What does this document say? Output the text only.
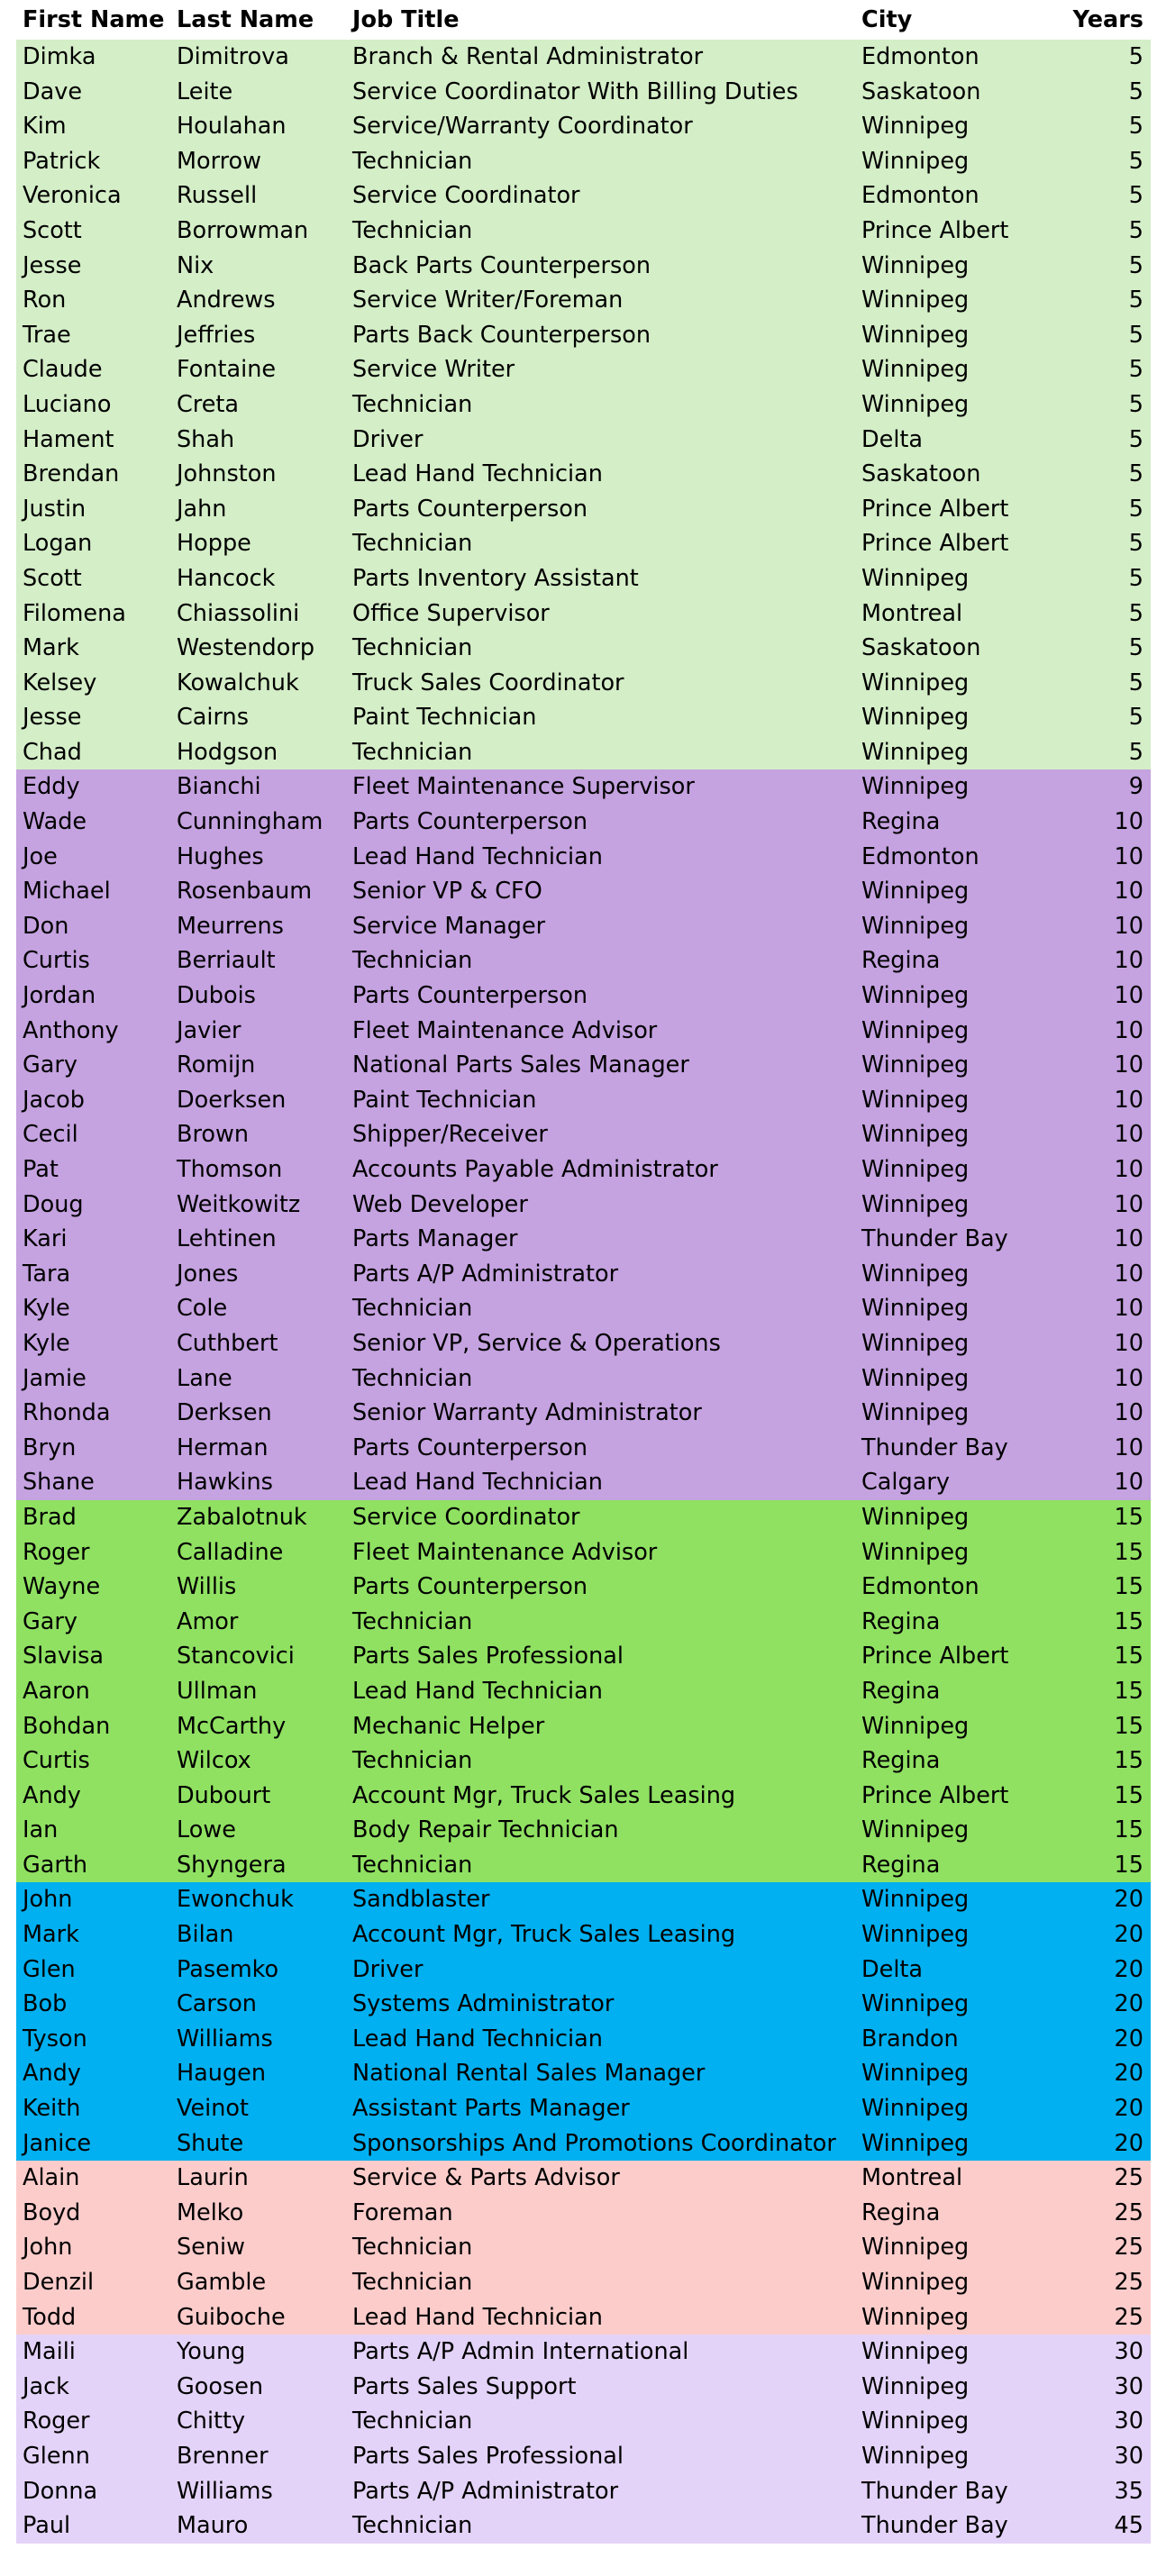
First Name	Last Name	Job Title	City	Years
Dimka	Dimitrova	Branch & Rental Administrator	Edmonton	5
Dave	Leite	Service Coordinator With Billing Duties	Saskatoon	5
Kim	Houlahan	Service/Warranty Coordinator	Winnipeg	5
Patrick	Morrow	Technician	Winnipeg	5
Veronica	Russell	Service Coordinator	Edmonton	5
Scott	Borrowman	Technician	Prince Albert	5
Jesse	Nix	Back Parts Counterperson	Winnipeg	5
Ron	Andrews	Service Writer/Foreman	Winnipeg	5
Trae	Jeffries	Parts Back Counterperson	Winnipeg	5
Claude	Fontaine	Service Writer	Winnipeg	5
Luciano	Creta	Technician	Winnipeg	5
Hament	Shah	Driver	Delta	5
Brendan	Johnston	Lead Hand Technician	Saskatoon	5
Justin	Jahn	Parts Counterperson	Prince Albert	5
Logan	Hoppe	Technician	Prince Albert	5
Scott	Hancock	Parts Inventory Assistant	Winnipeg	5
Filomena	Chiassolini	Office Supervisor	Montreal	5
Mark	Westendorp	Technician	Saskatoon	5
Kelsey	Kowalchuk	Truck Sales Coordinator	Winnipeg	5
Jesse	Cairns	Paint Technician	Winnipeg	5
Chad	Hodgson	Technician	Winnipeg	5
Eddy	Bianchi	Fleet Maintenance Supervisor	Winnipeg	9
Wade	Cunningham	Parts Counterperson	Regina	10
Joe	Hughes	Lead Hand Technician	Edmonton	10
Michael	Rosenbaum	Senior VP & CFO	Winnipeg	10
Don	Meurrens	Service Manager	Winnipeg	10
Curtis	Berriault	Technician	Regina	10
Jordan	Dubois	Parts Counterperson	Winnipeg	10
Anthony	Javier	Fleet Maintenance Advisor	Winnipeg	10
Gary	Romijn	National Parts Sales Manager	Winnipeg	10
Jacob	Doerksen	Paint Technician	Winnipeg	10
Cecil	Brown	Shipper/Receiver	Winnipeg	10
Pat	Thomson	Accounts Payable Administrator	Winnipeg	10
Doug	Weitkowitz	Web Developer	Winnipeg	10
Kari	Lehtinen	Parts Manager	Thunder Bay	10
Tara	Jones	Parts A/P Administrator	Winnipeg	10
Kyle	Cole	Technician	Winnipeg	10
Kyle	Cuthbert	Senior VP, Service & Operations	Winnipeg	10
Jamie	Lane	Technician	Winnipeg	10
Rhonda	Derksen	Senior Warranty Administrator	Winnipeg	10
Bryn	Herman	Parts Counterperson	Thunder Bay	10
Shane	Hawkins	Lead Hand Technician	Calgary	10
Brad	Zabalotnuk	Service Coordinator	Winnipeg	15
Roger	Calladine	Fleet Maintenance Advisor	Winnipeg	15
Wayne	Willis	Parts Counterperson	Edmonton	15
Gary	Amor	Technician	Regina	15
Slavisa	Stancovici	Parts Sales Professional	Prince Albert	15
Aaron	Ullman	Lead Hand Technician	Regina	15
Bohdan	McCarthy	Mechanic Helper	Winnipeg	15
Curtis	Wilcox	Technician	Regina	15
Andy	Dubourt	Account Mgr, Truck Sales Leasing	Prince Albert	15
Ian	Lowe	Body Repair Technician	Winnipeg	15
Garth	Shyngera	Technician	Regina	15
John	Ewonchuk	Sandblaster	Winnipeg	20
Mark	Bilan	Account Mgr, Truck Sales Leasing	Winnipeg	20
Glen	Pasemko	Driver	Delta	20
Bob	Carson	Systems Administrator	Winnipeg	20
Tyson	Williams	Lead Hand Technician	Brandon	20
Andy	Haugen	National Rental Sales Manager	Winnipeg	20
Keith	Veinot	Assistant Parts Manager	Winnipeg	20
Janice	Shute	Sponsorships And Promotions Coordinator	Winnipeg	20
Alain	Laurin	Service & Parts Advisor	Montreal	25
Boyd	Melko	Foreman	Regina	25
John	Seniw	Technician	Winnipeg	25
Denzil	Gamble	Technician	Winnipeg	25
Todd	Guiboche	Lead Hand Technician	Winnipeg	25
Maili	Young	Parts A/P Admin International	Winnipeg	30
Jack	Goosen	Parts Sales Support	Winnipeg	30
Roger	Chitty	Technician	Winnipeg	30
Glenn	Brenner	Parts Sales Professional	Winnipeg	30
Donna	Williams	Parts A/P Administrator	Thunder Bay	35
Paul	Mauro	Technician	Thunder Bay	45
